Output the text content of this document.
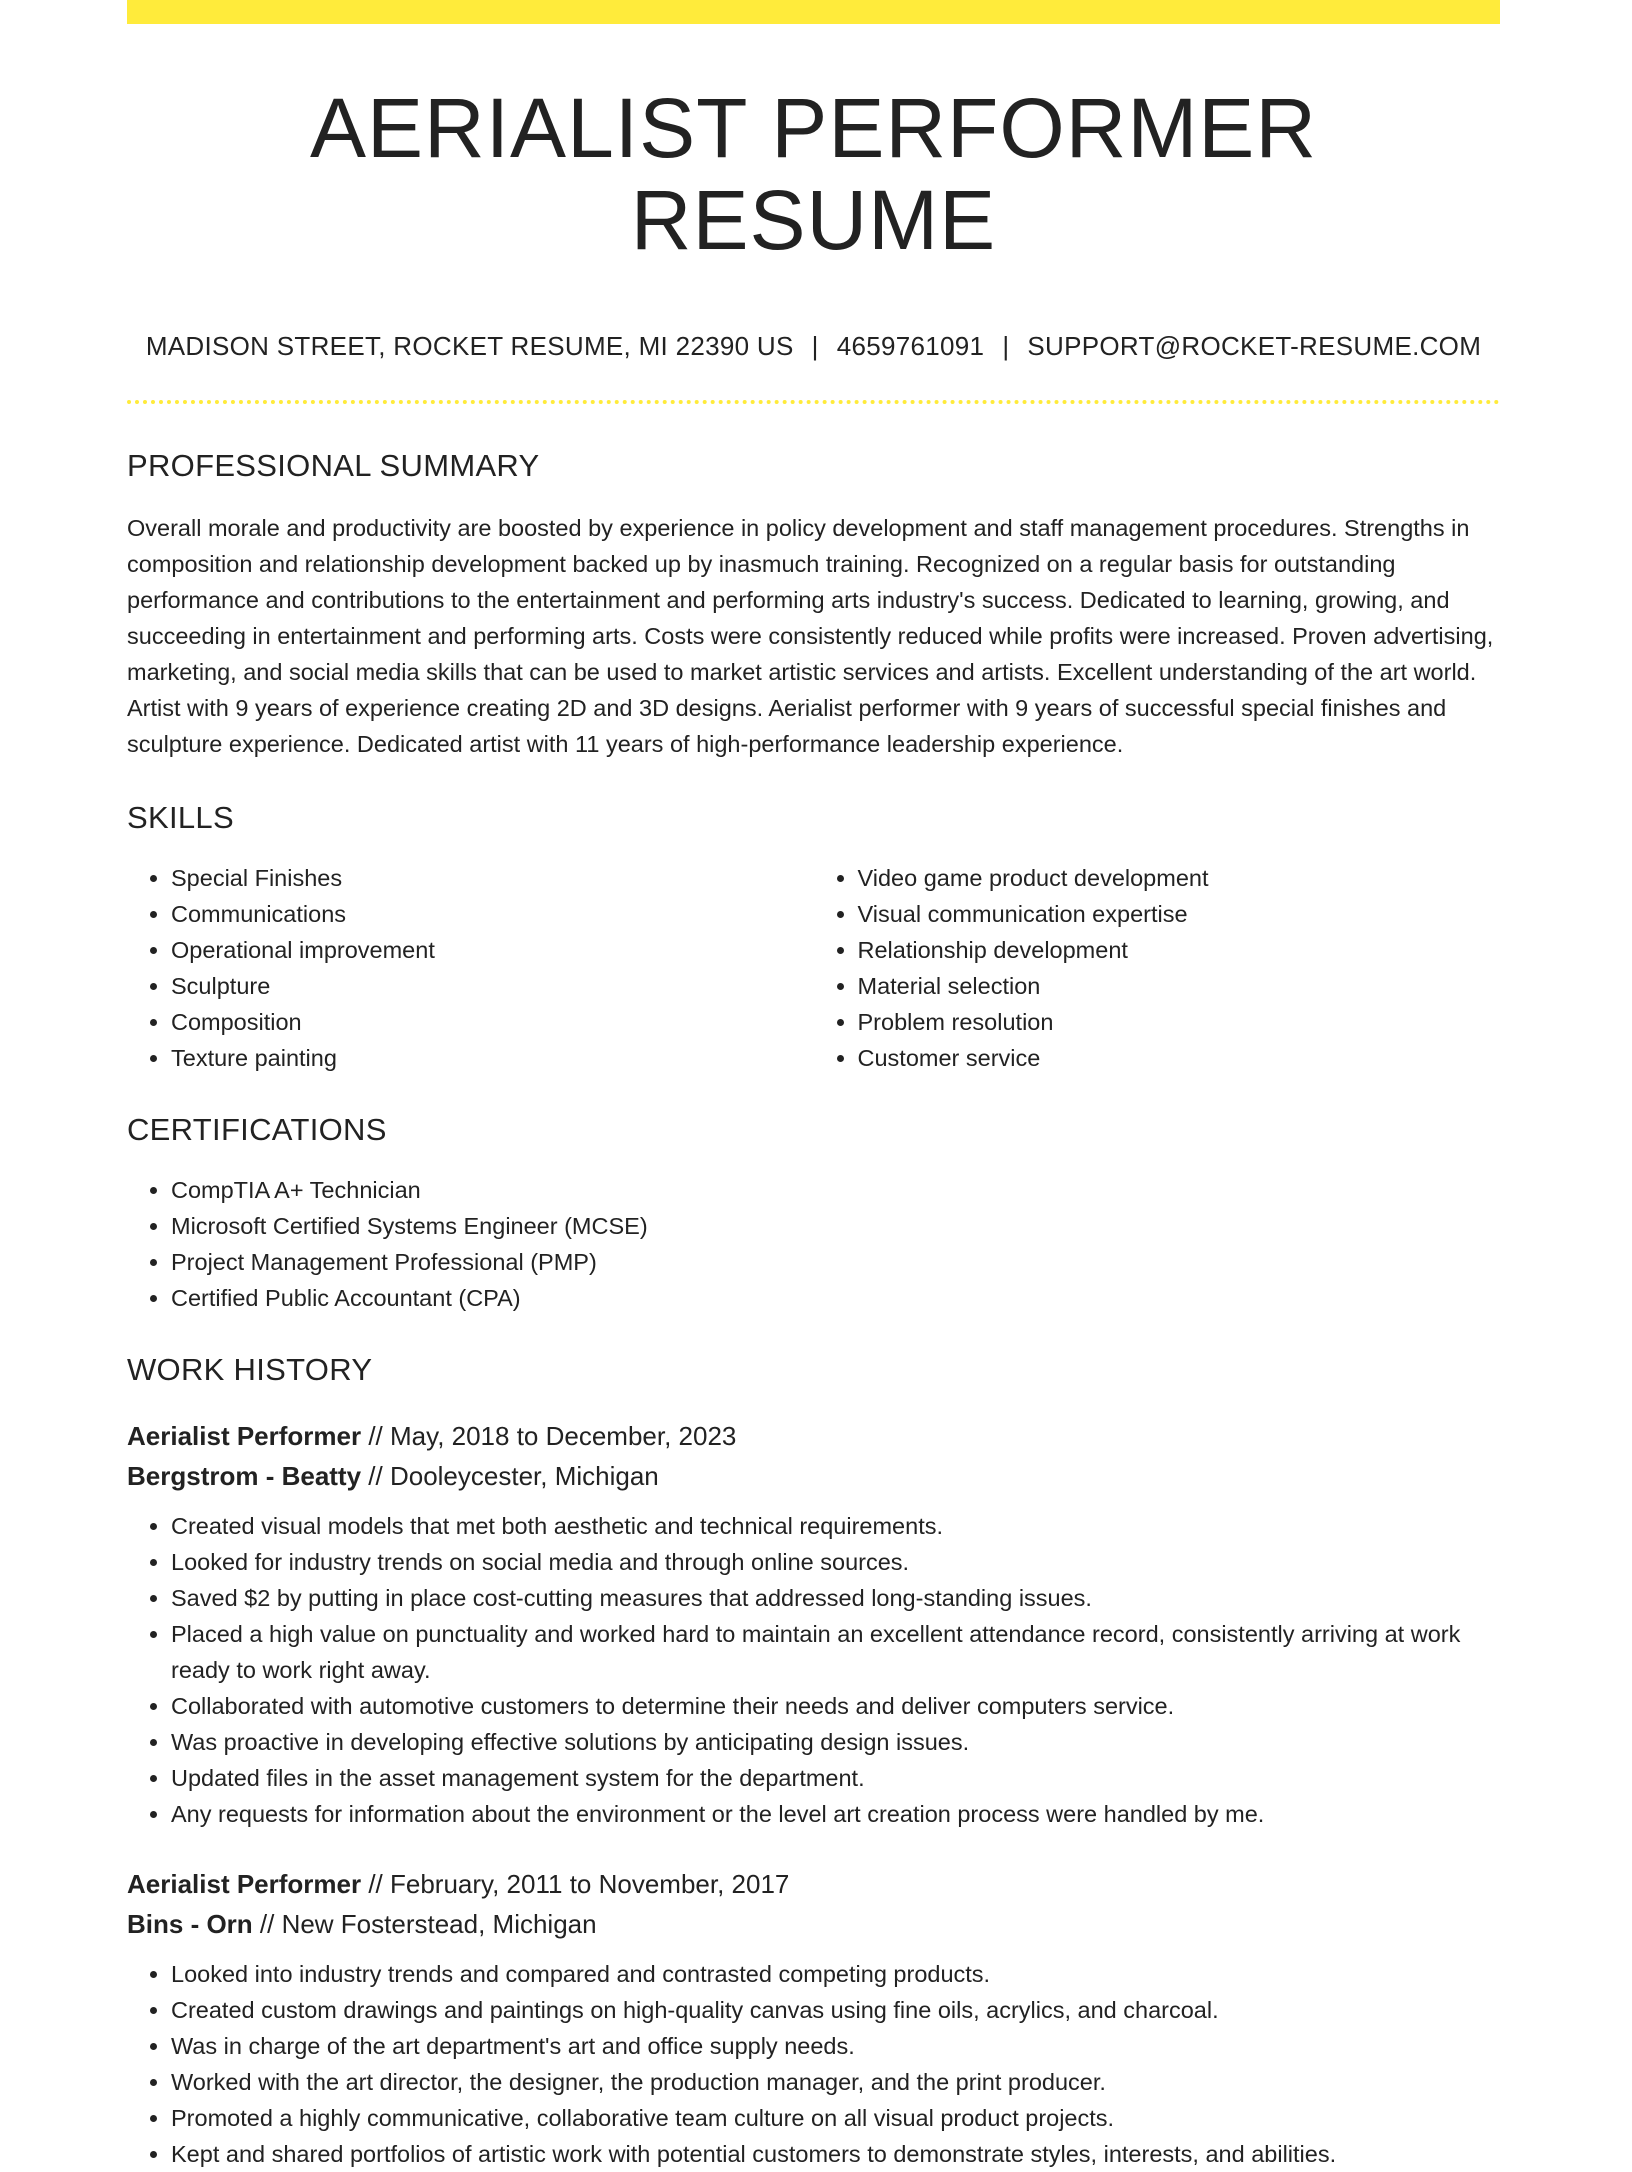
AERIALIST PERFORMER RESUME
MADISON STREET, ROCKET RESUME, MI 22390 US | 4659761091 | SUPPORT@ROCKET-RESUME.COM
PROFESSIONAL SUMMARY

Overall morale and productivity are boosted by experience in policy development and staff management procedures. Strengths in composition and relationship development backed up by inasmuch training. Recognized on a regular basis for outstanding performance and contributions to the entertainment and performing arts industry's success. Dedicated to learning, growing, and succeeding in entertainment and performing arts. Costs were consistently reduced while profits were increased. Proven advertising, marketing, and social media skills that can be used to market artistic services and artists. Excellent understanding of the art world. Artist with 9 years of experience creating 2D and 3D designs. Aerialist performer with 9 years of successful special finishes and sculpture experience. Dedicated artist with 11 years of high-performance leadership experience.

SKILLS
• Special Finishes
• Communications
• Operational improvement
• Sculpture
• Composition
• Texture painting
• Video game product development
• Visual communication expertise
• Relationship development
• Material selection
• Problem resolution
• Customer service
CERTIFICATIONS
• CompTIA A+ Technician
• Microsoft Certified Systems Engineer (MCSE)
• Project Management Professional (PMP)
• Certified Public Accountant (CPA)
WORK HISTORY
Aerialist Performer // May, 2018 to December, 2023
Bergstrom - Beatty // Dooleycester, Michigan
• Created visual models that met both aesthetic and technical requirements.
• Looked for industry trends on social media and through online sources.
• Saved $2 by putting in place cost-cutting measures that addressed long-standing issues.
• Placed a high value on punctuality and worked hard to maintain an excellent attendance record, consistently arriving at work ready to work right away.
• Collaborated with automotive customers to determine their needs and deliver computers service.
• Was proactive in developing effective solutions by anticipating design issues.
• Updated files in the asset management system for the department.
• Any requests for information about the environment or the level art creation process were handled by me.
Aerialist Performer // February, 2011 to November, 2017
Bins - Orn // New Fosterstead, Michigan
• Looked into industry trends and compared and contrasted competing products.
• Created custom drawings and paintings on high-quality canvas using fine oils, acrylics, and charcoal.
• Was in charge of the art department's art and office supply needs.
• Worked with the art director, the designer, the production manager, and the print producer.
• Promoted a highly communicative, collaborative team culture on all visual product projects.
• Kept and shared portfolios of artistic work with potential customers to demonstrate styles, interests, and abilities.
